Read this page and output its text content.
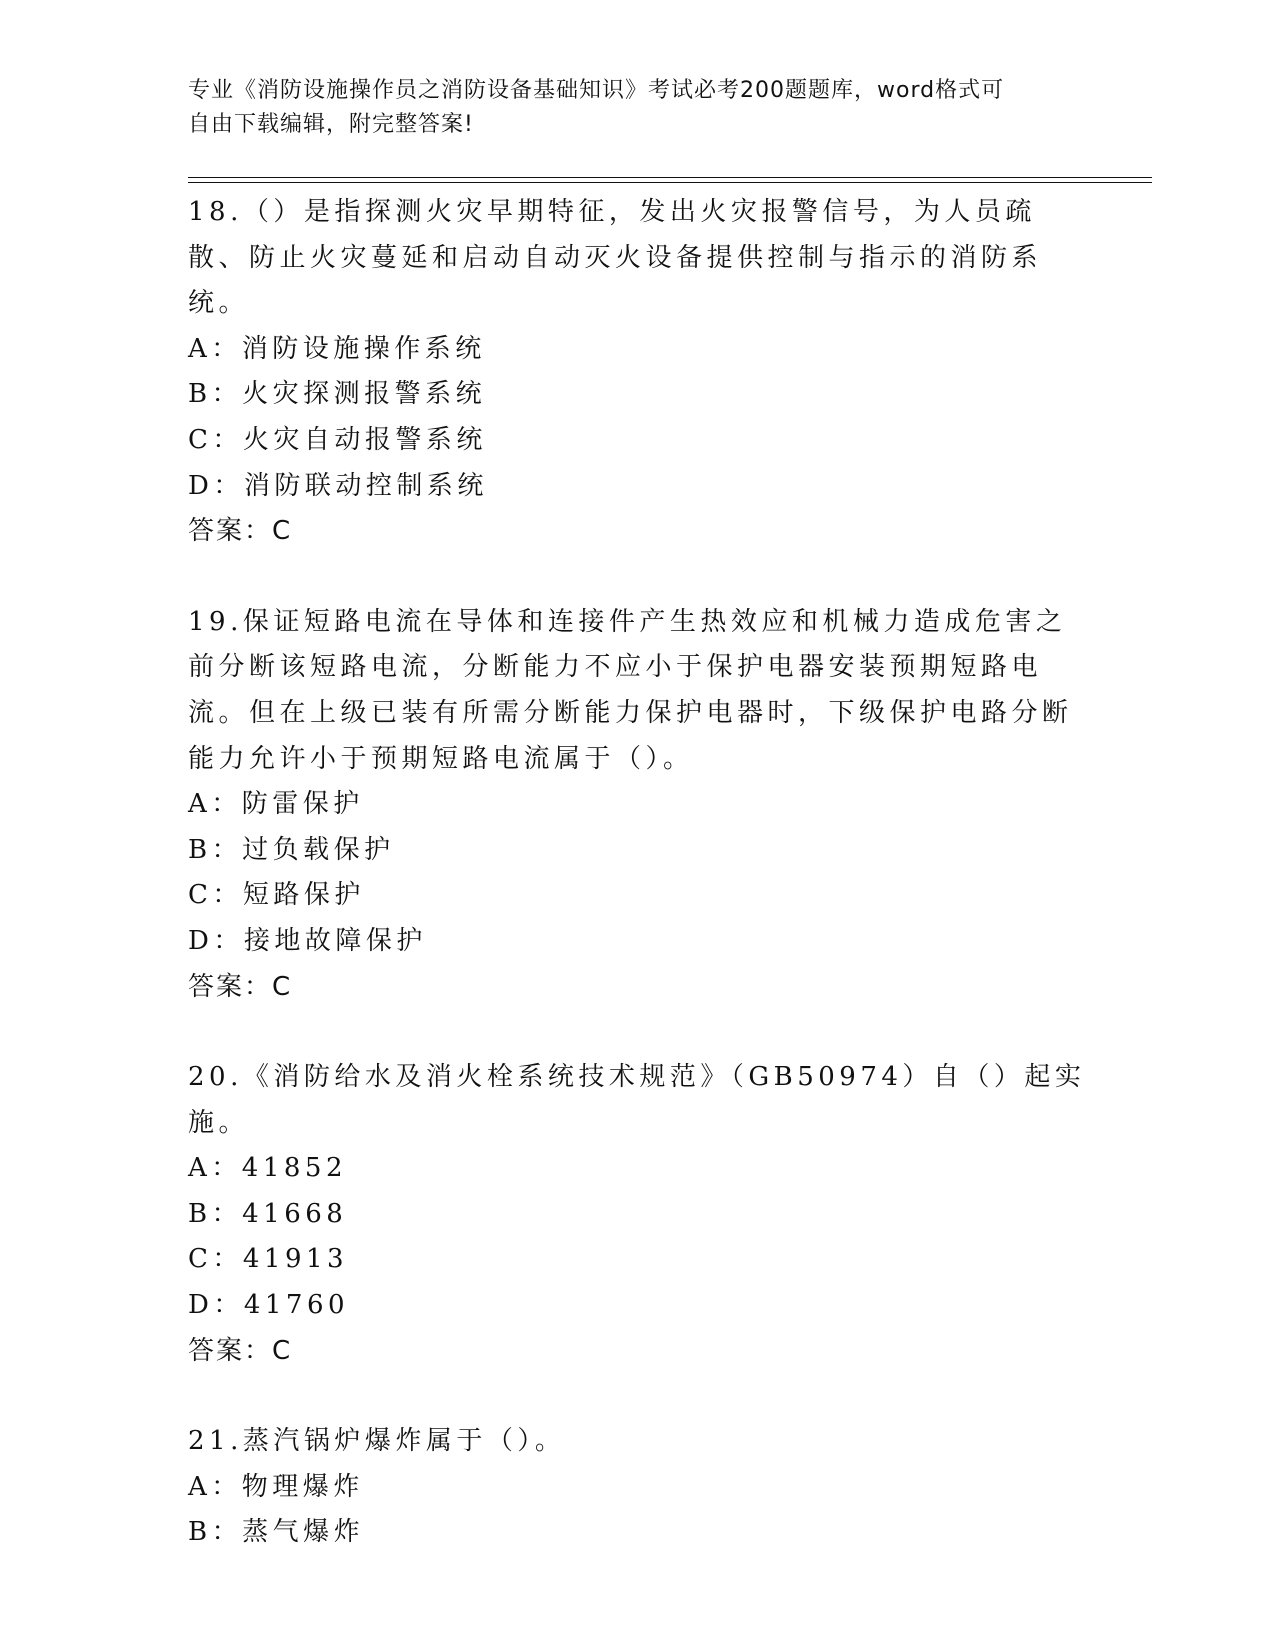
专业《消防设施操作员之消防设备基础知识》考试必考200题题库，word格式可
自由下载编辑，附完整答案!
18.（）是指探测火灾早期特征，发出火灾报警信号，为人员疏散、防止火灾蔓延和启动自动灭火设备提供控制与指示的消防系统。
A：消防设施操作系统
B：火灾探测报警系统
C：火灾自动报警系统
D：消防联动控制系统
答案：C
19.保证短路电流在导体和连接件产生热效应和机械力造成危害之前分断该短路电流，分断能力不应小于保护电器安装预期短路电流。但在上级已装有所需分断能力保护电器时，下级保护电路分断能力允许小于预期短路电流属于（）。
A：防雷保护
B：过负载保护
C：短路保护
D：接地故障保护
答案：C
20.《消防给水及消火栓系统技术规范》（GB50974）自（）起实施。
A：41852
B：41668
C：41913
D：41760
答案：C
21.蒸汽锅炉爆炸属于（）。
A：物理爆炸
B：蒸气爆炸
